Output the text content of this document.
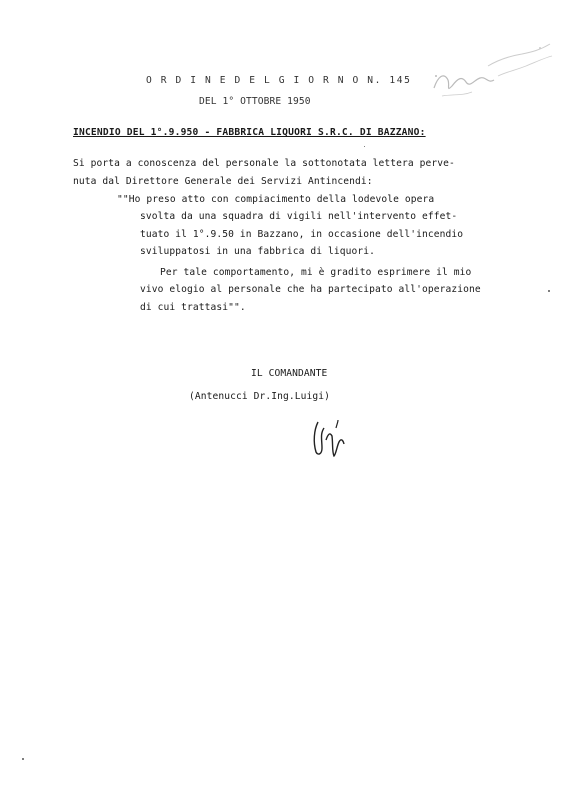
O R D I N E D E L G I O R N O N. 145
DEL 1° OTTOBRE 1950
INCENDIO DEL 1°.9.950 - FABBRICA LIQUORI S.R.C. DI BAZZANO:
Si porta a conoscenza del personale la sottonotata lettera perve-
nuta dal Direttore Generale dei Servizi Antincendi:
""Ho preso atto con compiacimento della lodevole opera
svolta da una squadra di vigili nell'intervento effet-
tuato il 1°.9.50 in Bazzano, in occasione dell'incendio
sviluppatosi in una fabbrica di liquori.
Per tale comportamento, mi è gradito esprimere il mio
vivo elogio al personale che ha partecipato all'operazione
di cui trattasi"".
IL COMANDANTE
(Antenucci Dr.Ing.Luigi)
